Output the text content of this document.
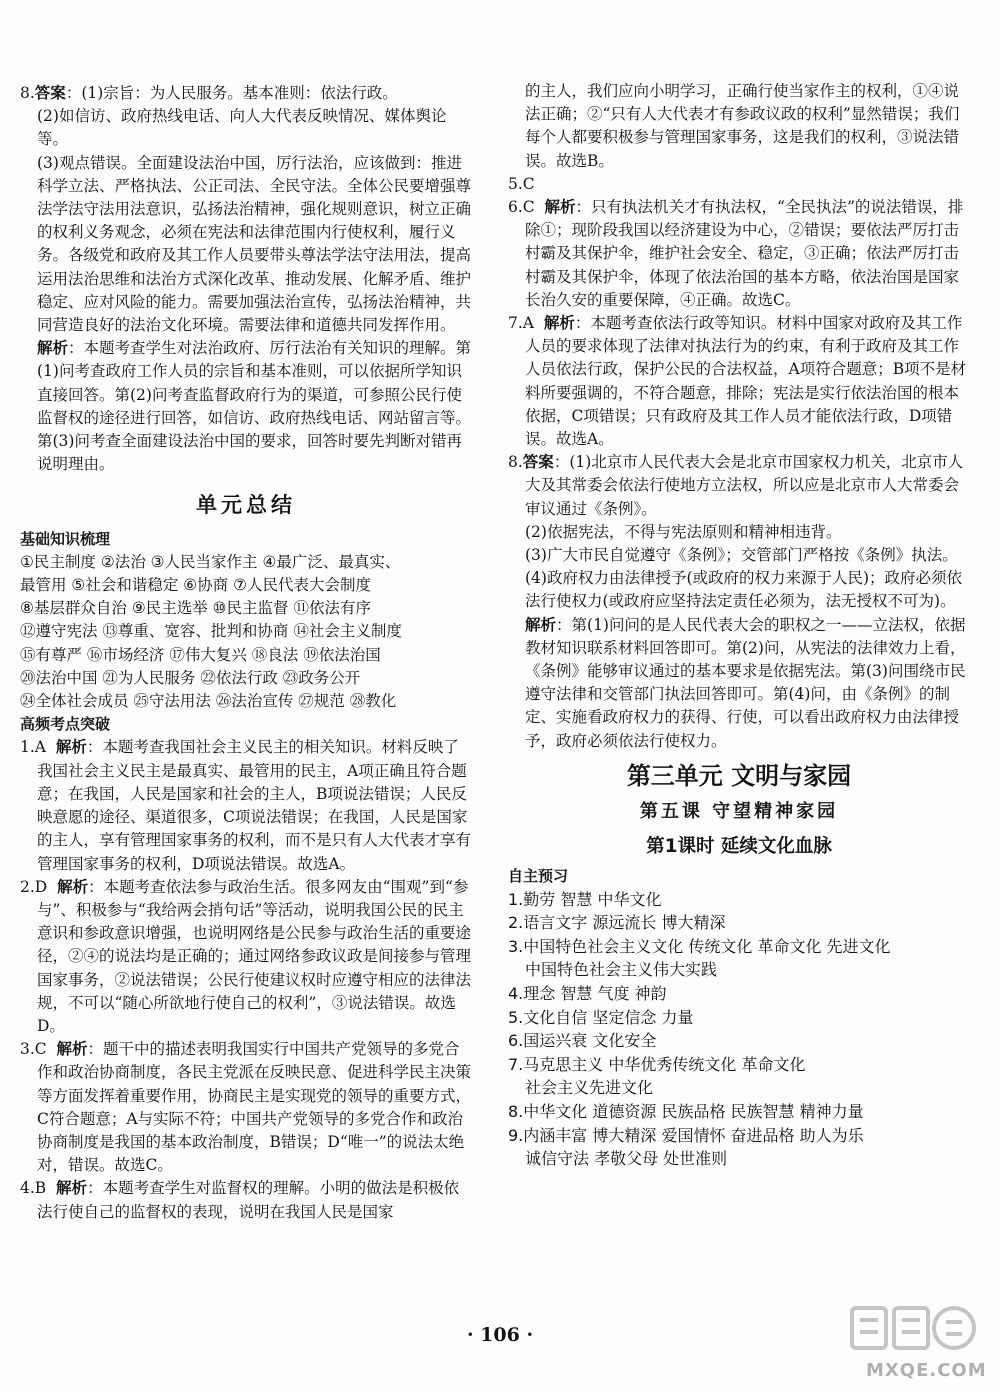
8.答案：(1)宗旨：为人民服务。基本准则：依法行政。

(2)如信访、政府热线电话、向人大代表反映情况、媒体舆论等。

(3)观点错误。全面建设法治中国，厉行法治，应该做到：推进科学立法、严格执法、公正司法、全民守法。全体公民要增强尊法学法守法用法意识，弘扬法治精神，强化规则意识，树立正确的权利义务观念，必须在宪法和法律范围内行使权利，履行义务。各级党和政府及其工作人员要带头尊法学法守法用法，提高运用法治思维和法治方式深化改革、推动发展、化解矛盾、维护稳定、应对风险的能力。需要加强法治宣传，弘扬法治精神，共同营造良好的法治文化环境。需要法律和道德共同发挥作用。

解析：本题考查学生对法治政府、厉行法治有关知识的理解。第(1)问考查政府工作人员的宗旨和基本准则，可以依据所学知识直接回答。第(2)问考查监督政府行为的渠道，可参照公民行使监督权的途径进行回答，如信访、政府热线电话、网站留言等。第(3)问考查全面建设法治中国的要求，回答时要先判断对错再说明理由。

单元总结
基础知识梳理
①民主制度 ②法治 ③人民当家作主 ④最广泛、最真实、
最管用 ⑤社会和谐稳定 ⑥协商 ⑦人民代表大会制度
⑧基层群众自治 ⑨民主选举 ⑩民主监督 ⑪依法有序
⑫遵守宪法 ⑬尊重、宽容、批判和协商 ⑭社会主义制度
⑮有尊严 ⑯市场经济 ⑰伟大复兴 ⑱良法 ⑲依法治国
⑳法治中国 ㉑为人民服务 ㉒依法行政 ㉓政务公开
㉔全体社会成员 ㉕守法用法 ㉖法治宣传 ㉗规范 ㉘教化
高频考点突破

1.A 解析：本题考查我国社会主义民主的相关知识。材料反映了我国社会主义民主是最真实、最管用的民主，A项正确且符合题意；在我国，人民是国家和社会的主人，B项说法错误；人民反映意愿的途径、渠道很多，C项说法错误；在我国，人民是国家的主人，享有管理国家事务的权利，而不是只有人大代表才享有管理国家事务的权利，D项说法错误。故选A。

2.D 解析：本题考查依法参与政治生活。很多网友由“围观”到“参与”、积极参与“我给两会捎句话”等活动，说明我国公民的民主意识和参政意识增强，也说明网络是公民参与政治生活的重要途径，②④的说法均是正确的；通过网络参政议政是间接参与管理国家事务，②说法错误；公民行使建议权时应遵守相应的法律法规，不可以“随心所欲地行使自己的权利”，③说法错误。故选D。

3.C 解析：题干中的描述表明我国实行中国共产党领导的多党合作和政治协商制度，各民主党派在反映民意、促进科学民主决策等方面发挥着重要作用，协商民主是实现党的领导的重要方式，C符合题意；A与实际不符；中国共产党领导的多党合作和政治协商制度是我国的基本政治制度，B错误；D“唯一”的说法太绝对，错误。故选C。

4.B 解析：本题考查学生对监督权的理解。小明的做法是积极依法行使自己的监督权的表现，说明在我国人民是国家

的主人，我们应向小明学习，正确行使当家作主的权利，①④说法正确；②“只有人大代表才有参政议政的权利”显然错误；我们每个人都要积极参与管理国家事务，这是我们的权利，③说法错误。故选B。

5.C

6.C 解析：只有执法机关才有执法权，“全民执法”的说法错误，排除①；现阶段我国以经济建设为中心，②错误；要依法严厉打击村霸及其保护伞，维护社会安全、稳定，③正确；依法严厉打击村霸及其保护伞，体现了依法治国的基本方略，依法治国是国家长治久安的重要保障，④正确。故选C。

7.A 解析：本题考查依法行政等知识。材料中国家对政府及其工作人员的要求体现了法律对执法行为的约束，有利于政府及其工作人员依法行政，保护公民的合法权益，A项符合题意；B项不是材料所要强调的，不符合题意，排除；宪法是实行依法治国的根本依据，C项错误；只有政府及其工作人员才能依法行政，D项错误。故选A。

8.答案：(1)北京市人民代表大会是北京市国家权力机关，北京市人大及其常委会依法行使地方立法权，所以应是北京市人大常委会审议通过《条例》。

(2)依据宪法，不得与宪法原则和精神相违背。

(3)广大市民自觉遵守《条例》；交管部门严格按《条例》执法。

(4)政府权力由法律授予(或政府的权力来源于人民)；政府必须依法行使权力(或政府应坚持法定责任必须为，法无授权不可为)。

解析：第(1)问问的是人民代表大会的职权之一——立法权，依据教材知识联系材料回答即可。第(2)问，从宪法的法律效力上看，《条例》能够审议通过的基本要求是依据宪法。第(3)问围绕市民遵守法律和交管部门执法回答即可。第(4)问，由《条例》的制定、实施看政府权力的获得、行使，可以看出政府权力由法律授予，政府必须依法行使权力。

第三单元 文明与家园
第五课 守望精神家园
第1课时 延续文化血脉
自主预习
1.勤劳 智慧 中华文化
2.语言文字 源远流长 博大精深
3.中国特色社会主义文化 传统文化 革命文化 先进文化
中国特色社会主义伟大实践
4.理念 智慧 气度 神韵
5.文化自信 坚定信念 力量
6.国运兴衰 文化安全
7.马克思主义 中华优秀传统文化 革命文化
社会主义先进文化
8.中华文化 道德资源 民族品格 民族智慧 精神力量
9.内涵丰富 博大精深 爱国情怀 奋进品格 助人为乐
诚信守法 孝敬父母 处世准则
· 106 ·
MXQE.COM
